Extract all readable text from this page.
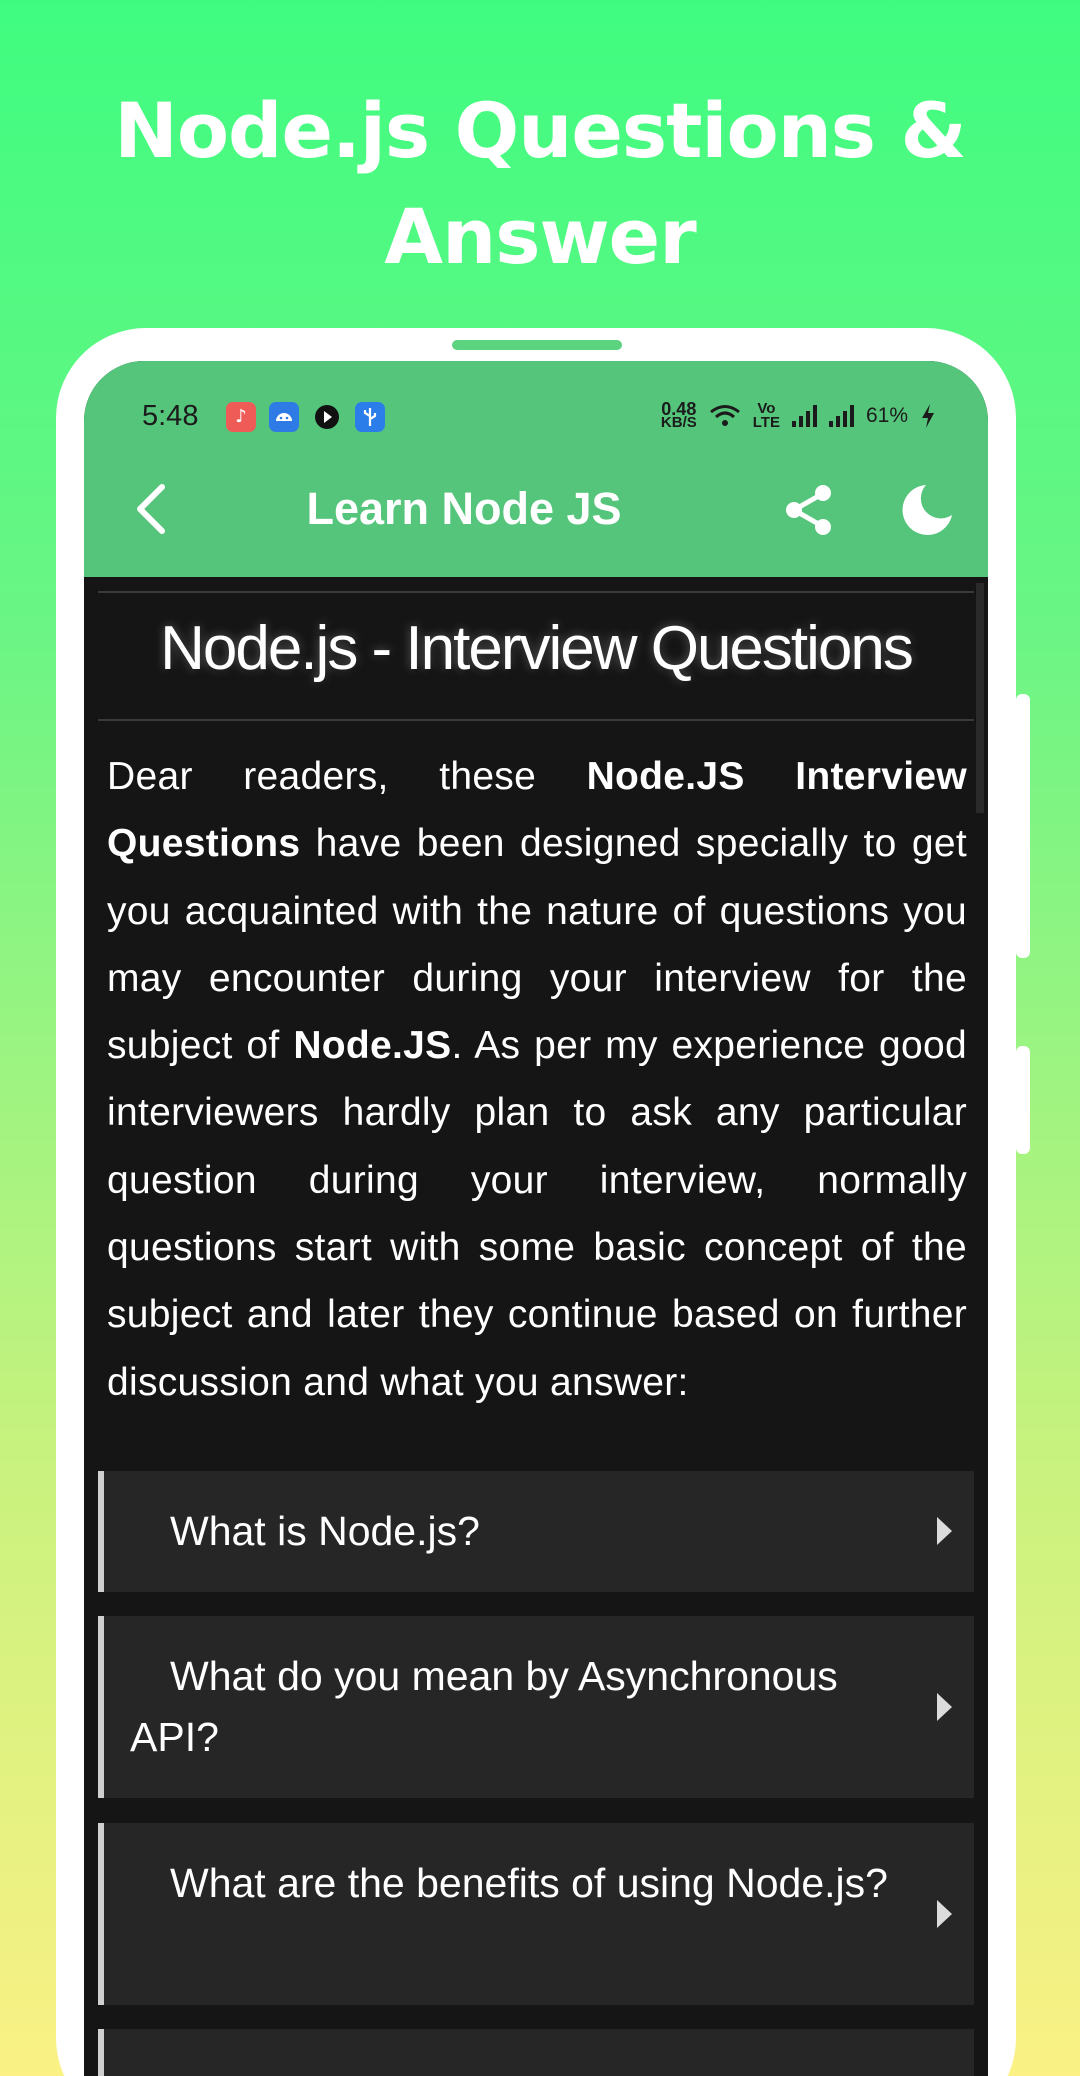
Node.js Questions &
Answer
5:48	♪	0.48
KB/S
Vo
LTE	61%
Learn Node JS
Node.js - Interview Questions
Dear readers, these Node.JS Interview Questions have been designed specially to get you acquainted with the nature of questions you may encounter during your interview for the subject of Node.JS. As per my experience good interviewers hardly plan to ask any particular question during your interview, normally questions start with some basic concept of the subject and later they continue based on further discussion and what you answer:
What is Node.js?
What do you mean by Asynchronous API?
What are the benefits of using Node.js?
